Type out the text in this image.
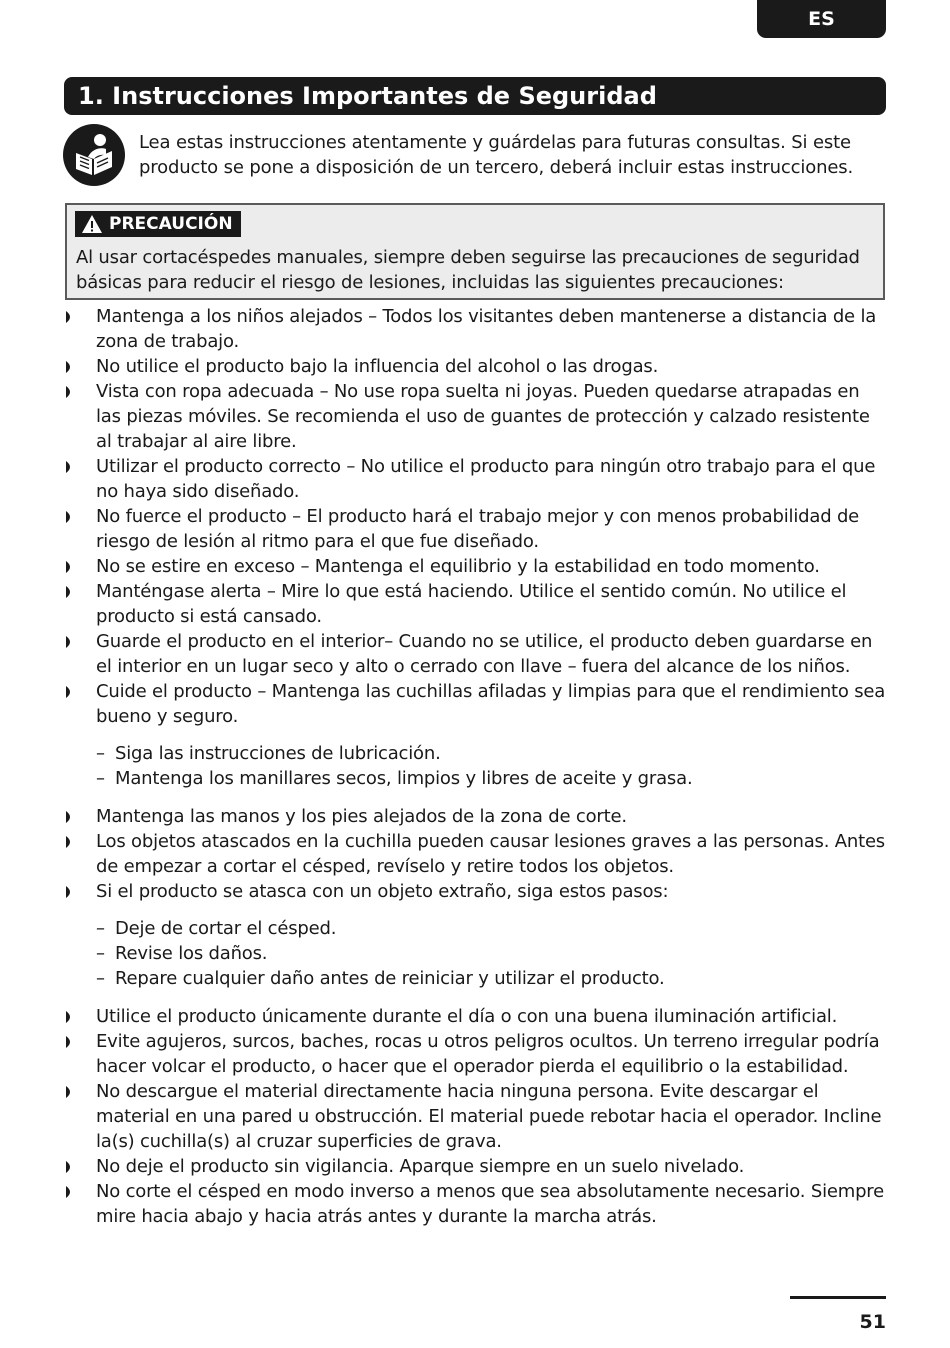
ES
1. Instrucciones Importantes de Seguridad
Lea estas instrucciones atentamente y guárdelas para futuras consultas. Si este producto se pone a disposición de un tercero, deberá incluir estas instrucciones.
PRECAUCIÓN
Al usar cortacéspedes manuales, siempre deben seguirse las precauciones de seguridad básicas para reducir el riesgo de lesiones, incluidas las siguientes precauciones:
Mantenga a los niños alejados – Todos los visitantes deben mantenerse a distancia de la zona de trabajo.
No utilice el producto bajo la influencia del alcohol o las drogas.
Vista con ropa adecuada – No use ropa suelta ni joyas. Pueden quedarse atrapadas en las piezas móviles. Se recomienda el uso de guantes de protección y calzado resistente al trabajar al aire libre.
Utilizar el producto correcto – No utilice el producto para ningún otro trabajo para el que no haya sido diseñado.
No fuerce el producto – El producto hará el trabajo mejor y con menos probabilidad de riesgo de lesión al ritmo para el que fue diseñado.
No se estire en exceso – Mantenga el equilibrio y la estabilidad en todo momento.
Manténgase alerta – Mire lo que está haciendo. Utilice el sentido común. No utilice el producto si está cansado.
Guarde el producto en el interior– Cuando no se utilice, el producto deben guardarse en el interior en un lugar seco y alto o cerrado con llave – fuera del alcance de los niños.
Cuide el producto – Mantenga las cuchillas afiladas y limpias para que el rendimiento sea bueno y seguro.
– Siga las instrucciones de lubricación.
– Mantenga los manillares secos, limpios y libres de aceite y grasa.
Mantenga las manos y los pies alejados de la zona de corte.
Los objetos atascados en la cuchilla pueden causar lesiones graves a las personas. Antes de empezar a cortar el césped, revíselo y retire todos los objetos.
Si el producto se atasca con un objeto extraño, siga estos pasos:
– Deje de cortar el césped.
– Revise los daños.
– Repare cualquier daño antes de reiniciar y utilizar el producto.
Utilice el producto únicamente durante el día o con una buena iluminación artificial.
Evite agujeros, surcos, baches, rocas u otros peligros ocultos. Un terreno irregular podría hacer volcar el producto, o hacer que el operador pierda el equilibrio o la estabilidad.
No descargue el material directamente hacia ninguna persona. Evite descargar el material en una pared u obstrucción. El material puede rebotar hacia el operador. Incline la(s) cuchilla(s) al cruzar superficies de grava.
No deje el producto sin vigilancia. Aparque siempre en un suelo nivelado.
No corte el césped en modo inverso a menos que sea absolutamente necesario. Siempre mire hacia abajo y hacia atrás antes y durante la marcha atrás.
51
